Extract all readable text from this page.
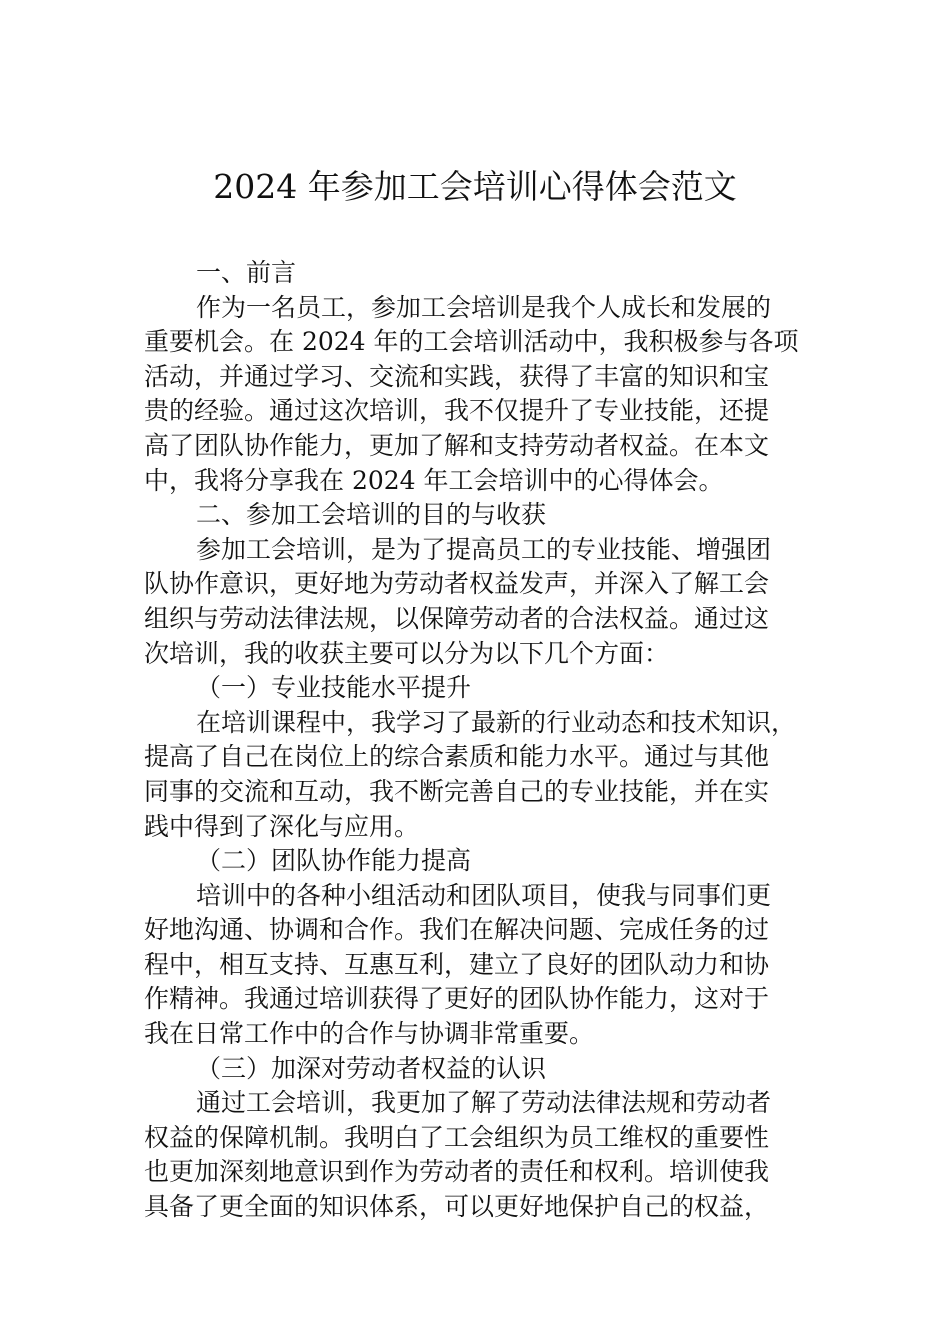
2024 年参加工会培训心得体会范文
一、前言
作为一名员工，参加工会培训是我个人成长和发展的
重要机会。在 2024 年的工会培训活动中，我积极参与各项
活动，并通过学习、交流和实践，获得了丰富的知识和宝
贵的经验。通过这次培训，我不仅提升了专业技能，还提
高了团队协作能力，更加了解和支持劳动者权益。在本文
中，我将分享我在 2024 年工会培训中的心得体会。
二、参加工会培训的目的与收获
参加工会培训，是为了提高员工的专业技能、增强团
队协作意识，更好地为劳动者权益发声，并深入了解工会
组织与劳动法律法规，以保障劳动者的合法权益。通过这
次培训，我的收获主要可以分为以下几个方面：
（一）专业技能水平提升
在培训课程中，我学习了最新的行业动态和技术知识，
提高了自己在岗位上的综合素质和能力水平。通过与其他
同事的交流和互动，我不断完善自己的专业技能，并在实
践中得到了深化与应用。
（二）团队协作能力提高
培训中的各种小组活动和团队项目，使我与同事们更
好地沟通、协调和合作。我们在解决问题、完成任务的过
程中，相互支持、互惠互利，建立了良好的团队动力和协
作精神。我通过培训获得了更好的团队协作能力，这对于
我在日常工作中的合作与协调非常重要。
（三）加深对劳动者权益的认识
通过工会培训，我更加了解了劳动法律法规和劳动者
权益的保障机制。我明白了工会组织为员工维权的重要性
也更加深刻地意识到作为劳动者的责任和权利。培训使我
具备了更全面的知识体系，可以更好地保护自己的权益，
